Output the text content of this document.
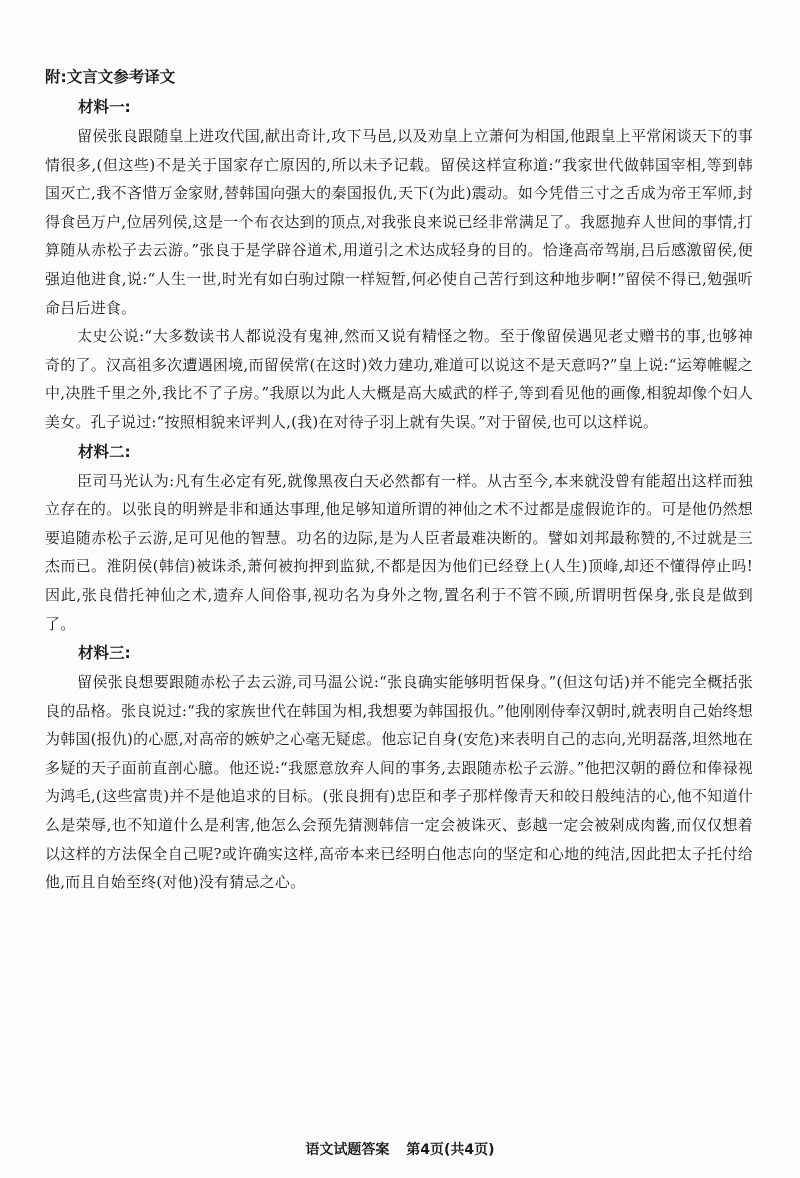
附:文言文参考译文
材料一:

留侯张良跟随皇上进攻代国,献出奇计,攻下马邑,以及劝皇上立萧何为相国,他跟皇上平常闲谈天下的事情很多,(但这些)不是关于国家存亡原因的,所以未予记载。留侯这样宣称道:“我家世代做韩国宰相,等到韩国灭亡,我不吝惜万金家财,替韩国向强大的秦国报仇,天下(为此)震动。如今凭借三寸之舌成为帝王军师,封得食邑万户,位居列侯,这是一个布衣达到的顶点,对我张良来说已经非常满足了。我愿抛弃人世间的事情,打算随从赤松子去云游。”张良于是学辟谷道术,用道引之术达成轻身的目的。恰逢高帝驾崩,吕后感激留侯,便强迫他进食,说:“人生一世,时光有如白驹过隙一样短暂,何必使自己苦行到这种地步啊!”留侯不得已,勉强听命吕后进食。

太史公说:“大多数读书人都说没有鬼神,然而又说有精怪之物。至于像留侯遇见老丈赠书的事,也够神奇的了。汉高祖多次遭遇困境,而留侯常(在这时)效力建功,难道可以说这不是天意吗?”皇上说:“运筹帷幄之中,决胜千里之外,我比不了子房。”我原以为此人大概是高大威武的样子,等到看见他的画像,相貌却像个妇人美女。孔子说过:“按照相貌来评判人,(我)在对待子羽上就有失误。”对于留侯,也可以这样说。

材料二:

臣司马光认为:凡有生必定有死,就像黑夜白天必然都有一样。从古至今,本来就没曾有能超出这样而独立存在的。以张良的明辨是非和通达事理,他足够知道所谓的神仙之术不过都是虚假诡诈的。可是他仍然想要追随赤松子云游,足可见他的智慧。功名的边际,是为人臣者最难决断的。譬如刘邦最称赞的,不过就是三杰而已。淮阴侯(韩信)被诛杀,萧何被拘押到监狱,不都是因为他们已经登上(人生)顶峰,却还不懂得停止吗!因此,张良借托神仙之术,遗弃人间俗事,视功名为身外之物,置名利于不管不顾,所谓明哲保身,张良是做到了。

材料三:

留侯张良想要跟随赤松子去云游,司马温公说:“张良确实能够明哲保身。”(但这句话)并不能完全概括张良的品格。张良说过:“我的家族世代在韩国为相,我想要为韩国报仇。”他刚刚侍奉汉朝时,就表明自己始终想为韩国(报仇)的心愿,对高帝的嫉妒之心毫无疑虑。他忘记自身(安危)来表明自己的志向,光明磊落,坦然地在多疑的天子面前直剖心臆。他还说:“我愿意放弃人间的事务,去跟随赤松子云游。”他把汉朝的爵位和俸禄视为鸿毛,(这些富贵)并不是他追求的目标。(张良拥有)忠臣和孝子那样像青天和皎日般纯洁的心,他不知道什么是荣辱,也不知道什么是利害,他怎么会预先猜测韩信一定会被诛灭、彭越一定会被剁成肉酱,而仅仅想着以这样的方法保全自己呢?或许确实这样,高帝本来已经明白他志向的坚定和心地的纯洁,因此把太子托付给他,而且自始至终(对他)没有猜忌之心。

语文试题答案 第4页(共4页)
